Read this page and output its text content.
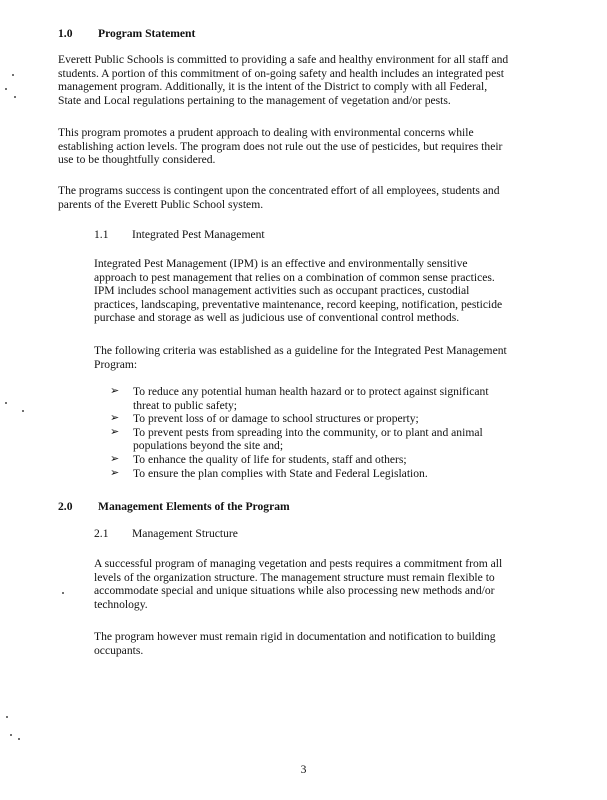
1.0 Program Statement
Everett Public Schools is committed to providing a safe and healthy environment for all staff and
students. A portion of this commitment of on-going safety and health includes an integrated pest
management program. Additionally, it is the intent of the District to comply with all Federal,
State and Local regulations pertaining to the management of vegetation and/or pests.
This program promotes a prudent approach to dealing with environmental concerns while
establishing action levels. The program does not rule out the use of pesticides, but requires their
use to be thoughtfully considered.
The programs success is contingent upon the concentrated effort of all employees, students and
parents of the Everett Public School system.
1.1 Integrated Pest Management
Integrated Pest Management (IPM) is an effective and environmentally sensitive
approach to pest management that relies on a combination of common sense practices.
IPM includes school management activities such as occupant practices, custodial
practices, landscaping, preventative maintenance, record keeping, notification, pesticide
purchase and storage as well as judicious use of conventional control methods.
The following criteria was established as a guideline for the Integrated Pest Management
Program:
➢ To reduce any potential human health hazard or to protect against significant
threat to public safety;
➢ To prevent loss of or damage to school structures or property;
➢ To prevent pests from spreading into the community, or to plant and animal
populations beyond the site and;
➢ To enhance the quality of life for students, staff and others;
➢ To ensure the plan complies with State and Federal Legislation.
2.0 Management Elements of the Program
2.1 Management Structure
A successful program of managing vegetation and pests requires a commitment from all
levels of the organization structure. The management structure must remain flexible to
accommodate special and unique situations while also processing new methods and/or
technology.
The program however must remain rigid in documentation and notification to building
occupants.
3
